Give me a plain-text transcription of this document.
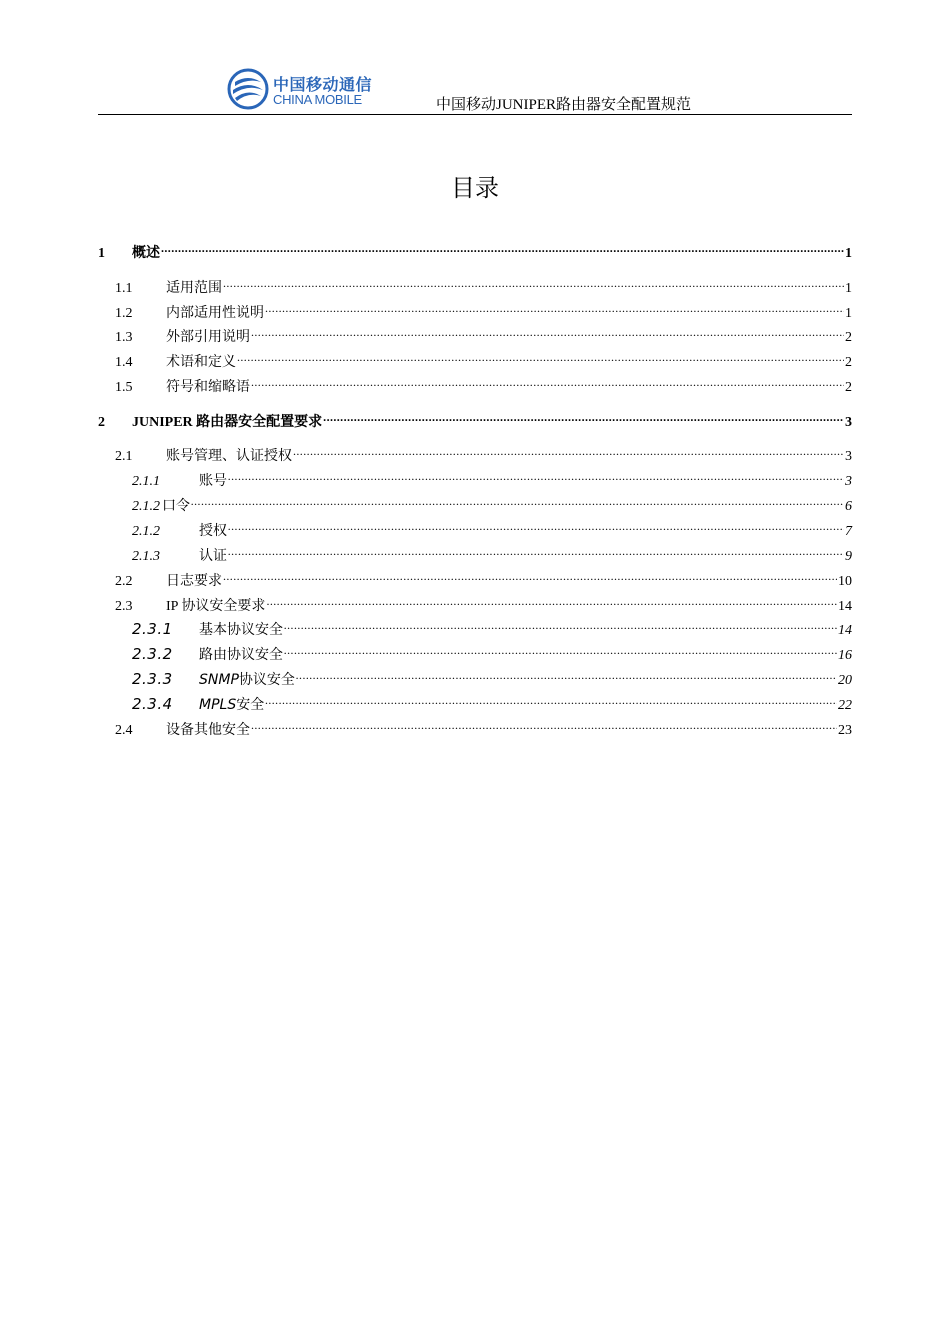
中国移动通信
CHINA MOBILE	中国移动JUNIPER路由器安全配置规范
目录
1	概述 .....	1
1.1	适用范围 .....	1
1.2	内部适用性说明 .....	1
1.3	外部引用说明 .....	2
1.4	术语和定义 .....	2
1.5	符号和缩略语 .....	2
2	JUNIPER 路由器安全配置要求 .....	3
2.1	账号管理、认证授权 .....	3
2.1.1	账号 .....	3
2.1.2 口令 .....	6
2.1.2	授权 .....	7
2.1.3	认证 .....	9
2.2	日志要求 .....	10
2.3	IP 协议安全要求 .....	14
2.3.1	基本协议安全 .....	14
2.3.2	路由协议安全 .....	16
2.3.3	SNMP协议安全 .....	20
2.3.4	MPLS安全 .....	22
2.4	设备其他安全 .....	23
